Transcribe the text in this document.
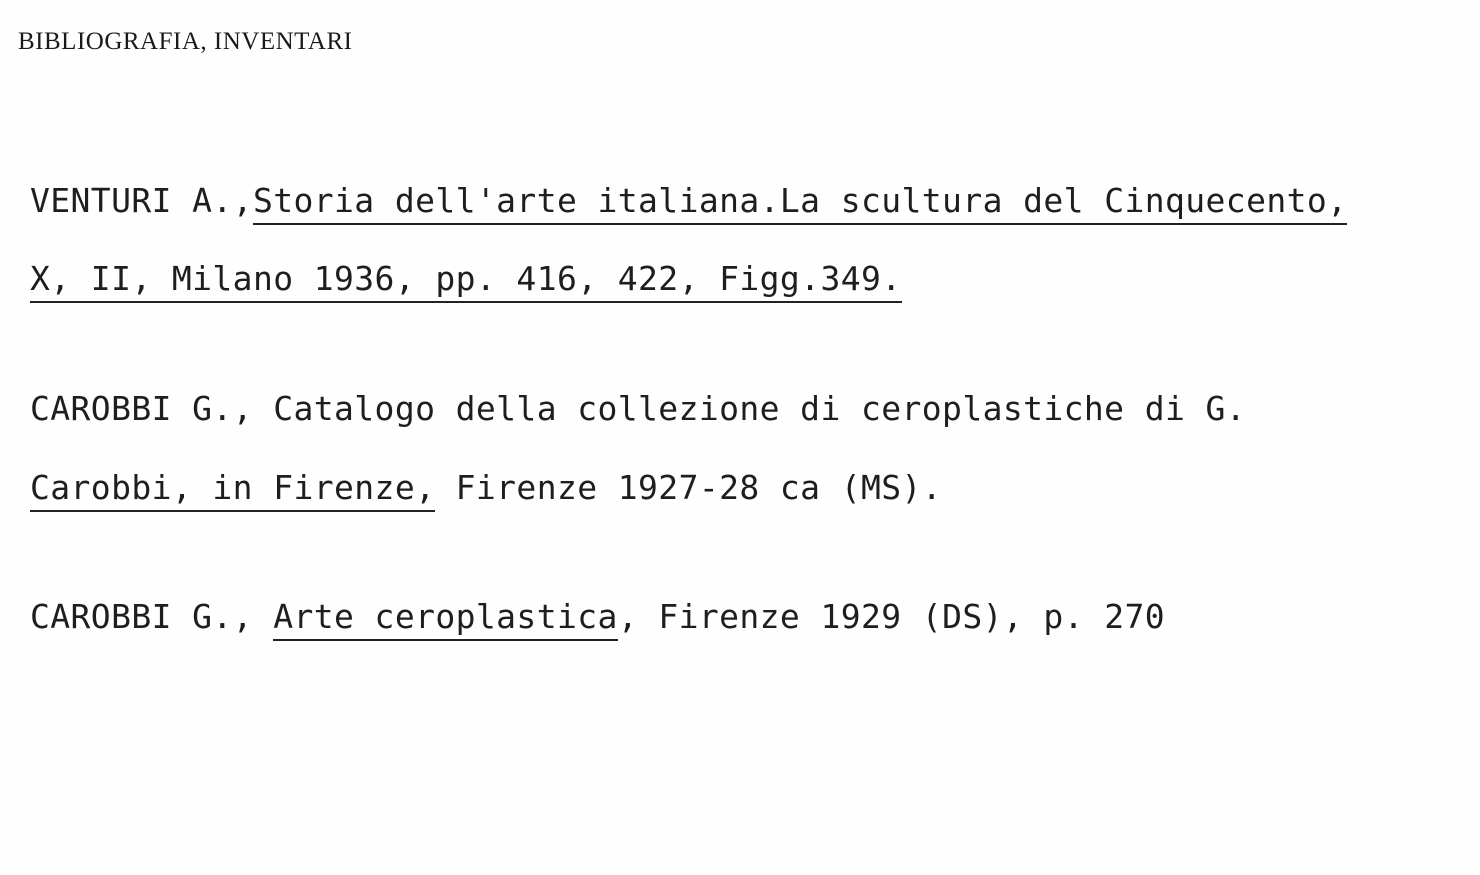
BIBLIOGRAFIA, INVENTARI
VENTURI A.,Storia dell'arte italiana.La scultura del Cinquecento,
X, II, Milano 1936, pp. 416, 422, Figg.349.
CAROBBI G., Catalogo della collezione di ceroplastiche di G.
Carobbi, in Firenze, Firenze 1927-28 ca (MS).
CAROBBI G., Arte ceroplastica, Firenze 1929 (DS), p. 270
